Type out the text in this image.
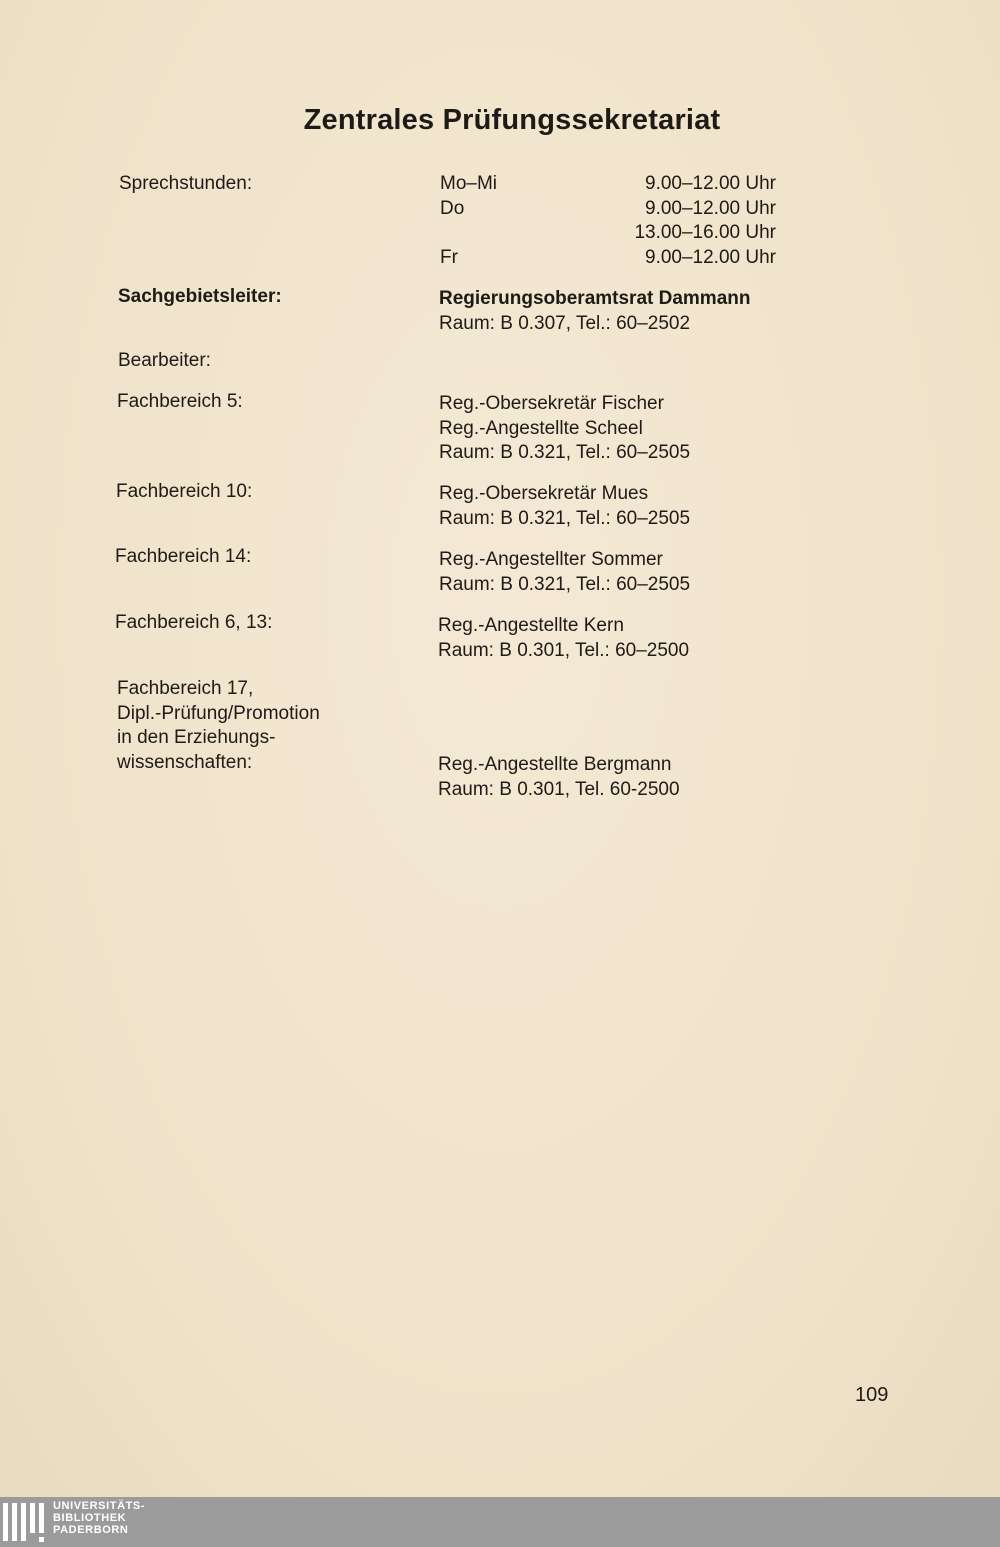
Zentrales Prüfungssekretariat
Sprechstunden:	Mo–Mi	9.00–12.00 Uhr
Do	9.00–12.00 Uhr
13.00–16.00 Uhr
Fr	9.00–12.00 Uhr
Sachgebietsleiter:	Regierungsoberamtsrat Dammann
Raum: B 0.307, Tel.: 60–2502
Bearbeiter:
Fachbereich 5:	Reg.-Obersekretär Fischer
Reg.-Angestellte Scheel
Raum: B 0.321, Tel.: 60–2505
Fachbereich 10:	Reg.-Obersekretär Mues
Raum: B 0.321, Tel.: 60–2505
Fachbereich 14:	Reg.-Angestellter Sommer
Raum: B 0.321, Tel.: 60–2505
Fachbereich 6, 13:	Reg.-Angestellte Kern
Raum: B 0.301, Tel.: 60–2500
Fachbereich 17,
Dipl.-Prüfung/Promotion
in den Erziehungs-
wissenschaften:	Reg.-Angestellte Bergmann
Raum: B 0.301, Tel. 60-2500
109
UNIVERSITÄTS-
BIBLIOTHEK
PADERBORN
